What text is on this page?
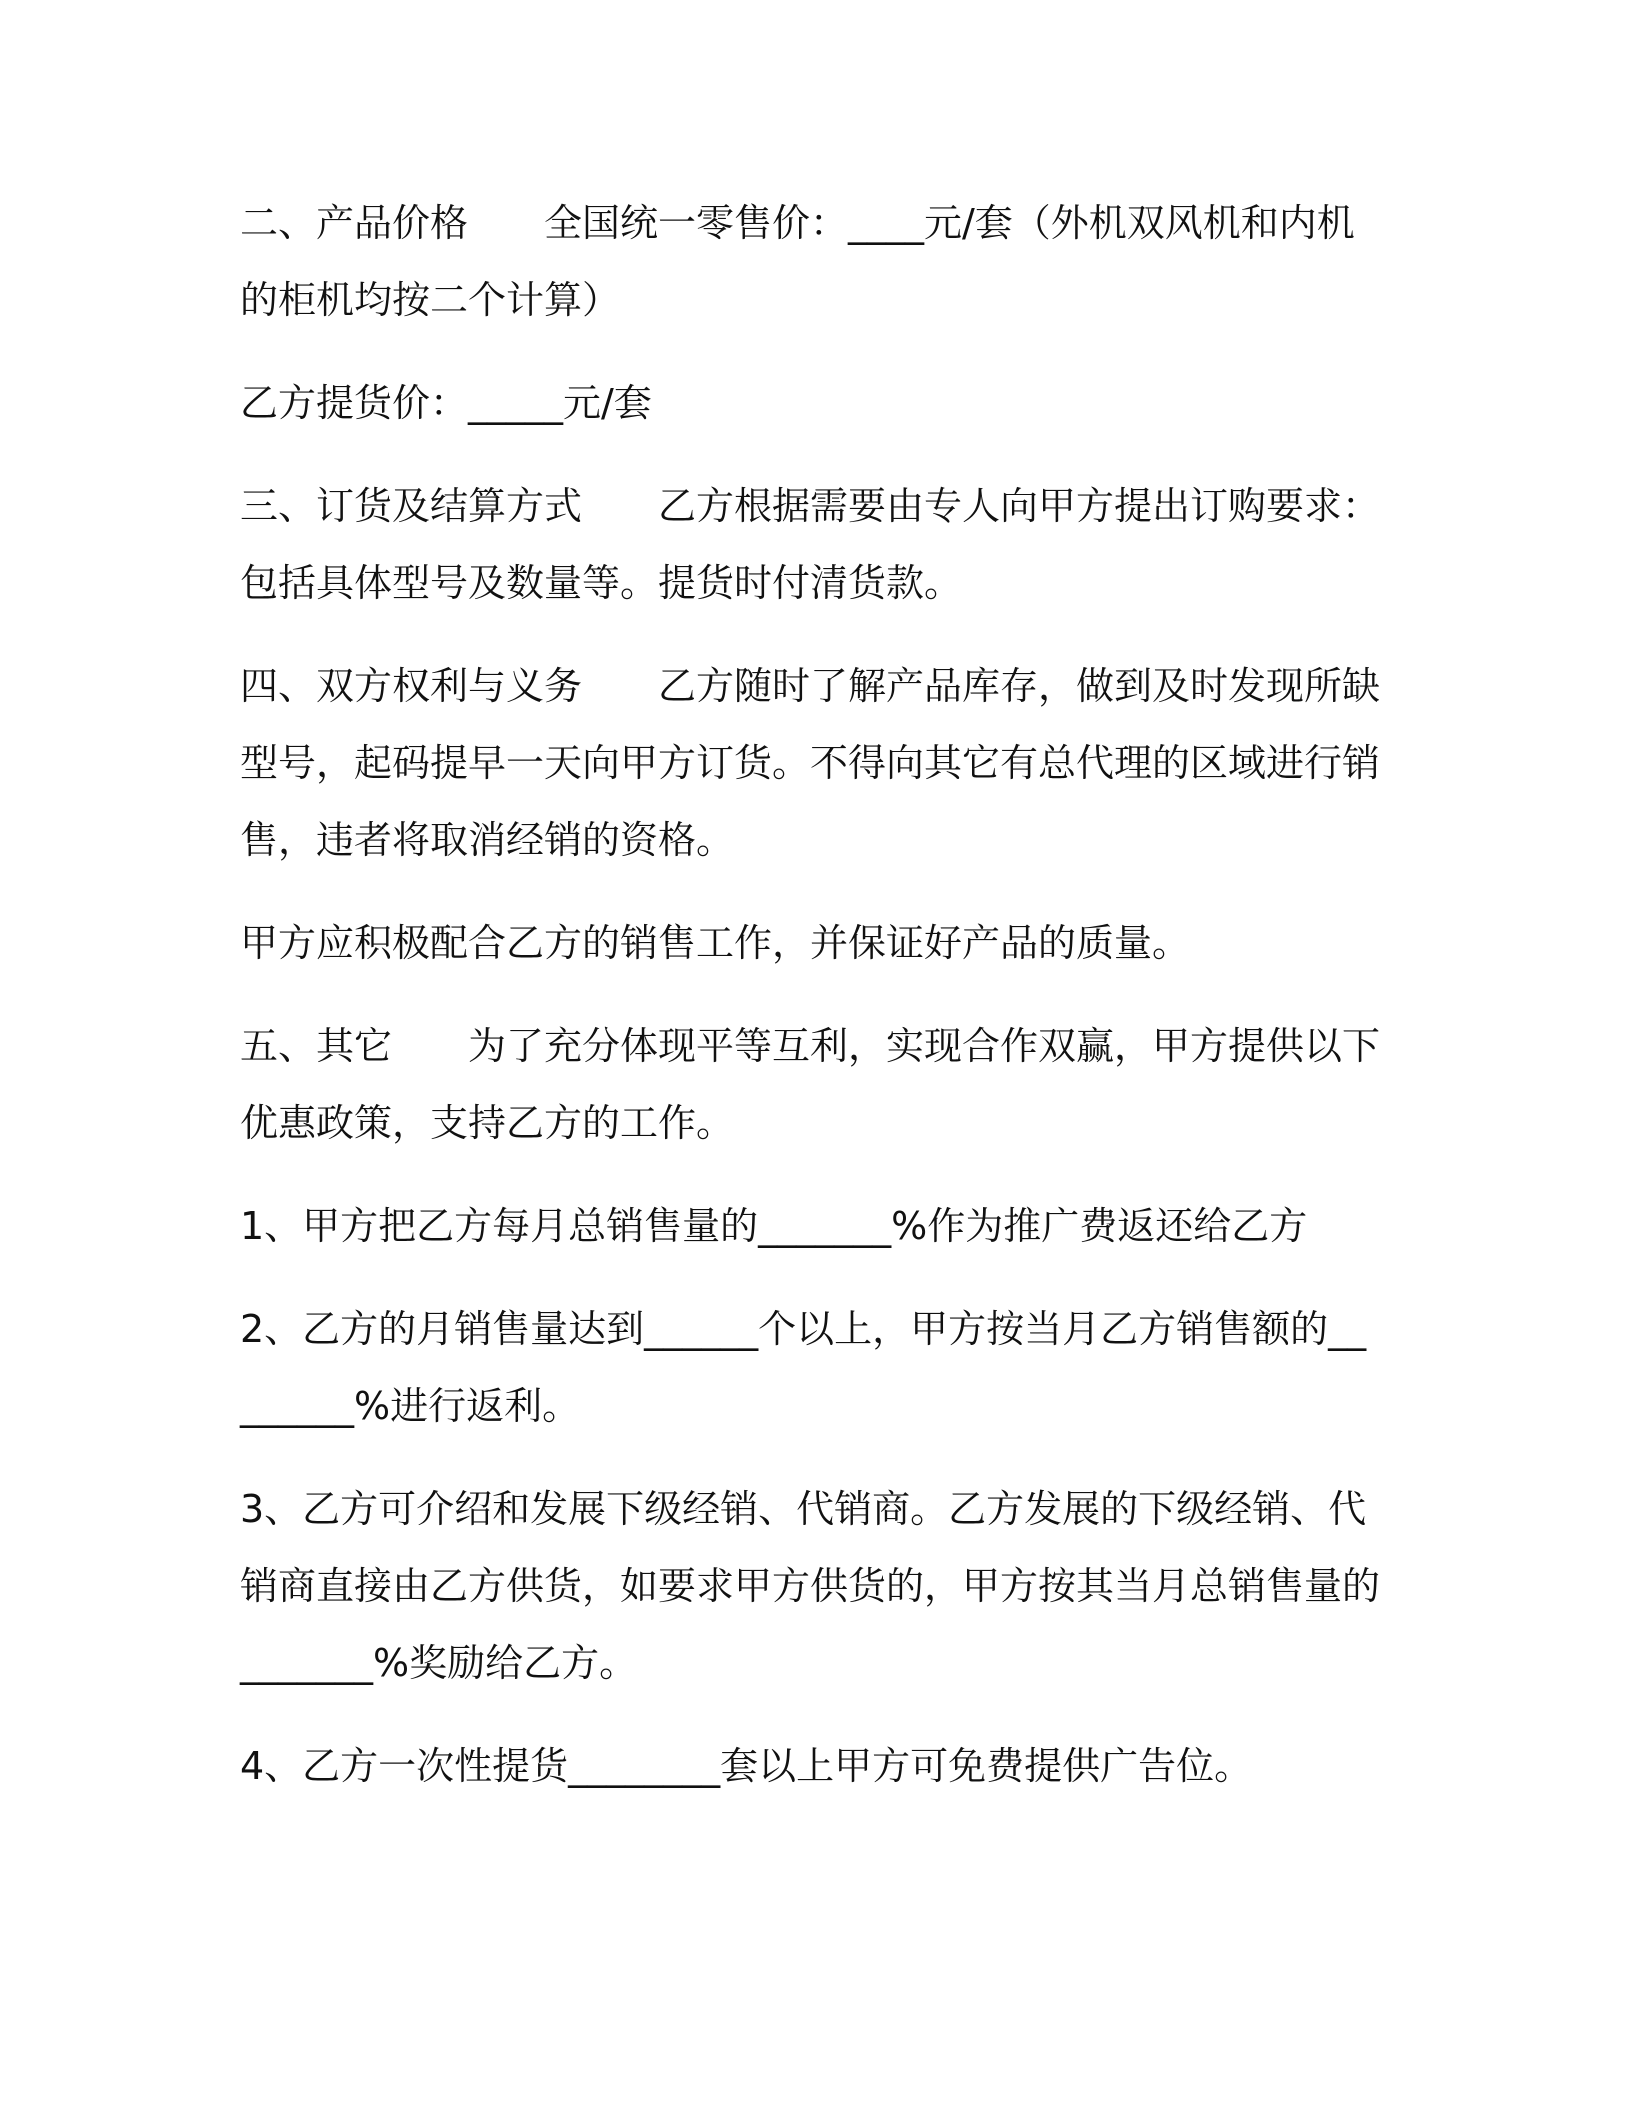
二、产品价格　　全国统一零售价：____元/套（外机双风机和内机的柜机均按二个计算）

乙方提货价：_____元/套

三、订货及结算方式　　乙方根据需要由专人向甲方提出订购要求：包括具体型号及数量等。提货时付清货款。

四、双方权利与义务　　乙方随时了解产品库存，做到及时发现所缺型号，起码提早一天向甲方订货。不得向其它有总代理的区域进行销售，违者将取消经销的资格。

甲方应积极配合乙方的销售工作，并保证好产品的质量。

五、其它　　为了充分体现平等互利，实现合作双赢，甲方提供以下优惠政策，支持乙方的工作。

1、甲方把乙方每月总销售量的_______%作为推广费返还给乙方

2、乙方的月销售量达到______个以上，甲方按当月乙方销售额的________%进行返利。

3、乙方可介绍和发展下级经销、代销商。乙方发展的下级经销、代销商直接由乙方供货，如要求甲方供货的，甲方按其当月总销售量的_______%奖励给乙方。

4、乙方一次性提货________套以上甲方可免费提供广告位。
